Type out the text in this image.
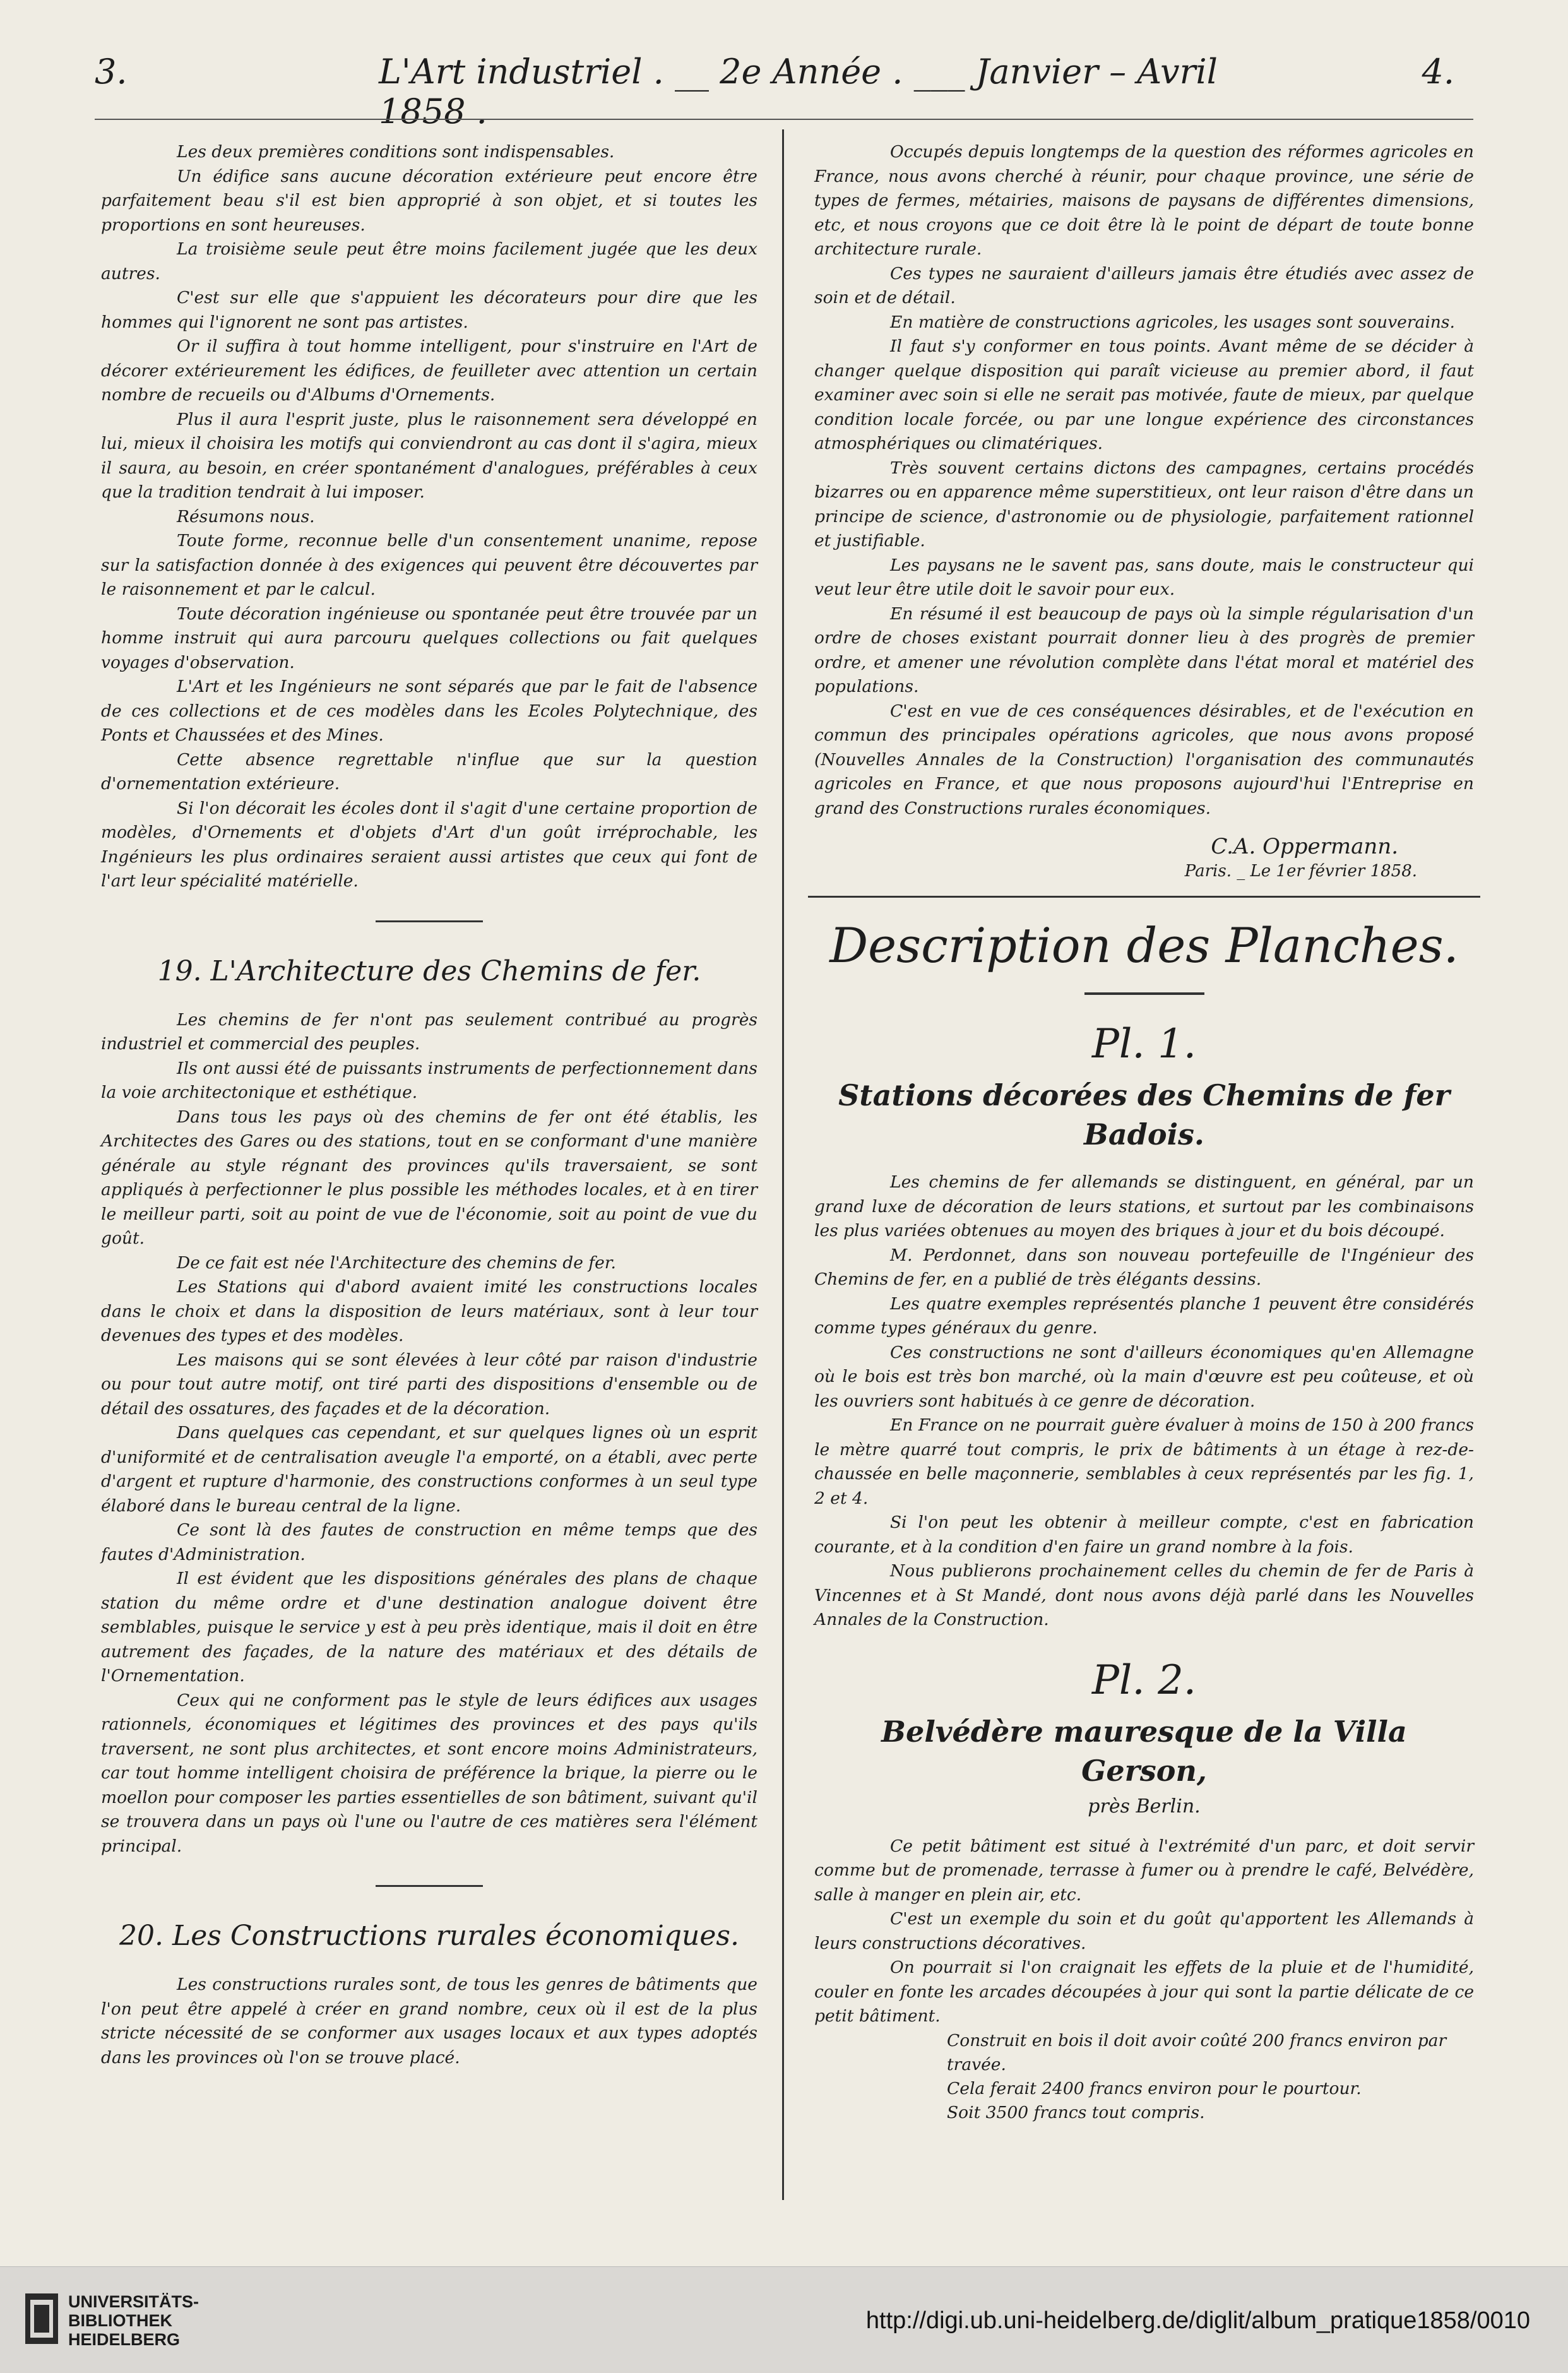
3.	L'Art industriel . __ 2e Année . ___ Janvier – Avril 1858 .
4.

Les deux premières conditions sont indispensables.

Un édifice sans aucune décoration extérieure peut encore être parfaitement beau s'il est bien approprié à son objet, et si toutes les proportions en sont heureuses.

La troisième seule peut être moins facilement jugée que les deux autres.

C'est sur elle que s'appuient les décorateurs pour dire que les hommes qui l'ignorent ne sont pas artistes.

Or il suffira à tout homme intelligent, pour s'instruire en l'Art de décorer extérieurement les édifices, de feuilleter avec attention un certain nombre de recueils ou d'Albums d'Ornements.

Plus il aura l'esprit juste, plus le raisonnement sera développé en lui, mieux il choisira les motifs qui conviendront au cas dont il s'agira, mieux il saura, au besoin, en créer spontanément d'analogues, préférables à ceux que la tradition tendrait à lui imposer.

Résumons nous.

Toute forme, reconnue belle d'un consentement unanime, repose sur la satisfaction donnée à des exigences qui peuvent être découvertes par le raisonnement et par le calcul.

Toute décoration ingénieuse ou spontanée peut être trouvée par un homme instruit qui aura parcouru quelques collections ou fait quelques voyages d'observation.

L'Art et les Ingénieurs ne sont séparés que par le fait de l'absence de ces collections et de ces modèles dans les Ecoles Polytechnique, des Ponts et Chaussées et des Mines.

Cette absence regrettable n'influe que sur la question d'ornementation extérieure.

Si l'on décorait les écoles dont il s'agit d'une certaine proportion de modèles, d'Ornements et d'objets d'Art d'un goût irréprochable, les Ingénieurs les plus ordinaires seraient aussi artistes que ceux qui font de l'art leur spécialité matérielle.

19. L'Architecture des Chemins de fer.

Les chemins de fer n'ont pas seulement contribué au progrès industriel et commercial des peuples.

Ils ont aussi été de puissants instruments de perfectionnement dans la voie architectonique et esthétique.

Dans tous les pays où des chemins de fer ont été établis, les Architectes des Gares ou des stations, tout en se conformant d'une manière générale au style régnant des provinces qu'ils traversaient, se sont appliqués à perfectionner le plus possible les méthodes locales, et à en tirer le meilleur parti, soit au point de vue de l'économie, soit au point de vue du goût.

De ce fait est née l'Architecture des chemins de fer.

Les Stations qui d'abord avaient imité les constructions locales dans le choix et dans la disposition de leurs matériaux, sont à leur tour devenues des types et des modèles.

Les maisons qui se sont élevées à leur côté par raison d'industrie ou pour tout autre motif, ont tiré parti des dispositions d'ensemble ou de détail des ossatures, des façades et de la décoration.

Dans quelques cas cependant, et sur quelques lignes où un esprit d'uniformité et de centralisation aveugle l'a emporté, on a établi, avec perte d'argent et rupture d'harmonie, des constructions conformes à un seul type élaboré dans le bureau central de la ligne.

Ce sont là des fautes de construction en même temps que des fautes d'Administration.

Il est évident que les dispositions générales des plans de chaque station du même ordre et d'une destination analogue doivent être semblables, puisque le service y est à peu près identique, mais il doit en être autrement des façades, de la nature des matériaux et des détails de l'Ornementation.

Ceux qui ne conforment pas le style de leurs édifices aux usages rationnels, économiques et légitimes des provinces et des pays qu'ils traversent, ne sont plus architectes, et sont encore moins Administrateurs, car tout homme intelligent choisira de préférence la brique, la pierre ou le moellon pour composer les parties essentielles de son bâtiment, suivant qu'il se trouvera dans un pays où l'une ou l'autre de ces matières sera l'élément principal.

20. Les Constructions rurales économiques.

Les constructions rurales sont, de tous les genres de bâtiments que l'on peut être appelé à créer en grand nombre, ceux où il est de la plus stricte nécessité de se conformer aux usages locaux et aux types adoptés dans les provinces où l'on se trouve placé.

Occupés depuis longtemps de la question des réformes agricoles en France, nous avons cherché à réunir, pour chaque province, une série de types de fermes, métairies, maisons de paysans de différentes dimensions, etc, et nous croyons que ce doit être là le point de départ de toute bonne architecture rurale.

Ces types ne sauraient d'ailleurs jamais être étudiés avec assez de soin et de détail.

En matière de constructions agricoles, les usages sont souverains.

Il faut s'y conformer en tous points. Avant même de se décider à changer quelque disposition qui paraît vicieuse au premier abord, il faut examiner avec soin si elle ne serait pas motivée, faute de mieux, par quelque condition locale forcée, ou par une longue expérience des circonstances atmosphériques ou climatériques.

Très souvent certains dictons des campagnes, certains procédés bizarres ou en apparence même superstitieux, ont leur raison d'être dans un principe de science, d'astronomie ou de physiologie, parfaitement rationnel et justifiable.

Les paysans ne le savent pas, sans doute, mais le constructeur qui veut leur être utile doit le savoir pour eux.

En résumé il est beaucoup de pays où la simple régularisation d'un ordre de choses existant pourrait donner lieu à des progrès de premier ordre, et amener une révolution complète dans l'état moral et matériel des populations.

C'est en vue de ces conséquences désirables, et de l'exécution en commun des principales opérations agricoles, que nous avons proposé (Nouvelles Annales de la Construction) l'organisation des communautés agricoles en France, et que nous proposons aujourd'hui l'Entreprise en grand des Constructions rurales économiques.

C.A. Oppermann.
Paris. _ Le 1er février 1858.
Description des Planches.
Pl. 1.
Stations décorées des Chemins de fer Badois.

Les chemins de fer allemands se distinguent, en général, par un grand luxe de décoration de leurs stations, et surtout par les combinaisons les plus variées obtenues au moyen des briques à jour et du bois découpé.

M. Perdonnet, dans son nouveau portefeuille de l'Ingénieur des Chemins de fer, en a publié de très élégants dessins.

Les quatre exemples représentés planche 1 peuvent être considérés comme types généraux du genre.

Ces constructions ne sont d'ailleurs économiques qu'en Allemagne où le bois est très bon marché, où la main d'œuvre est peu coûteuse, et où les ouvriers sont habitués à ce genre de décoration.

En France on ne pourrait guère évaluer à moins de 150 à 200 francs le mètre quarré tout compris, le prix de bâtiments à un étage à rez-de-chaussée en belle maçonnerie, semblables à ceux représentés par les fig. 1, 2 et 4.

Si l'on peut les obtenir à meilleur compte, c'est en fabrication courante, et à la condition d'en faire un grand nombre à la fois.

Nous publierons prochainement celles du chemin de fer de Paris à Vincennes et à St Mandé, dont nous avons déjà parlé dans les Nouvelles Annales de la Construction.

Pl. 2.
Belvédère mauresque de la Villa Gerson,
près Berlin.

Ce petit bâtiment est situé à l'extrémité d'un parc, et doit servir comme but de promenade, terrasse à fumer ou à prendre le café, Belvédère, salle à manger en plein air, etc.

C'est un exemple du soin et du goût qu'apportent les Allemands à leurs constructions décoratives.

On pourrait si l'on craignait les effets de la pluie et de l'humidité, couler en fonte les arcades découpées à jour qui sont la partie délicate de ce petit bâtiment.

Construit en bois il doit avoir coûté 200 francs environ par travée.
Cela ferait 2400 francs environ pour le pourtour.
Soit 3500 francs tout compris.
UNIVERSITÄTS-
BIBLIOTHEK
HEIDELBERG
http://digi.ub.uni-heidelberg.de/diglit/album_pratique1858/0010
